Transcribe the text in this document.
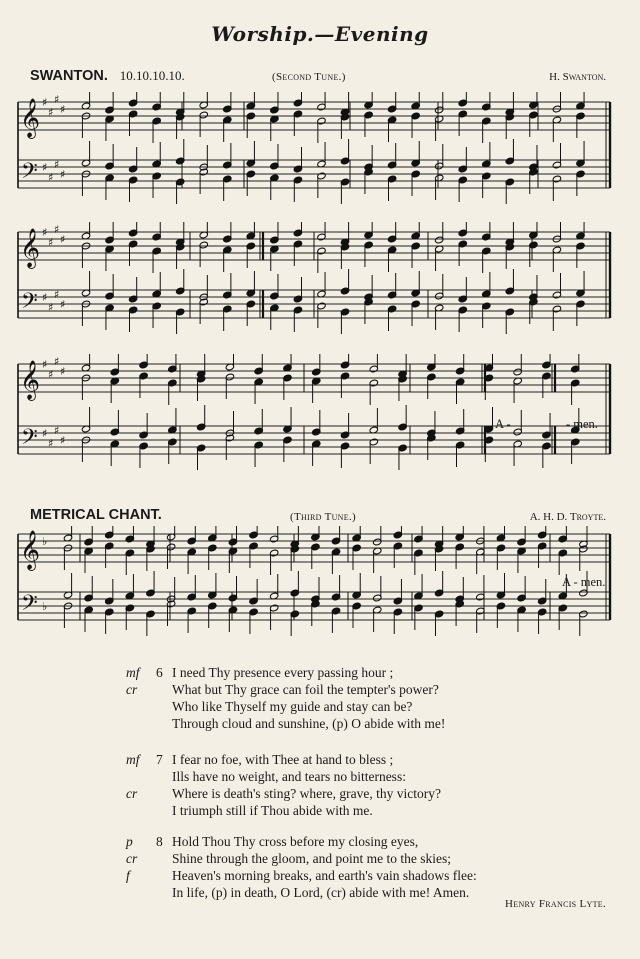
Worship.—Evening
SWANTON. 10.10.10.10.	(Second Tune.)	H. Swanton.
𝄞
𝄢
♯
♯
♯
♯
♯
♯
♯
♯
𝄞
𝄢
♯
♯
♯
♯
♯
♯
♯
♯
𝄞
𝄢
♯
♯
♯
♯
♯
♯
♯
♯
A -	- men.
METRICAL CHANT.	(Third Tune.)	A. H. D. Troyte.
𝄞
𝄢
♭
♭
A - men.
mf
cr
6 I need Thy presence every passing hour ;
What but Thy grace can foil the tempter's power?
Who like Thyself my guide and stay can be?
Through cloud and sunshine, (p) O abide with me!
mf
cr
7 I fear no foe, with Thee at hand to bless ;
Ills have no weight, and tears no bitterness:
Where is death's sting? where, grave, thy victory?
I triumph still if Thou abide with me.
p
cr
f
8 Hold Thou Thy cross before my closing eyes,
Shine through the gloom, and point me to the skies;
Heaven's morning breaks, and earth's vain shadows flee:
In life, (p) in death, O Lord, (cr) abide with me! Amen.
Henry Francis Lyte.
